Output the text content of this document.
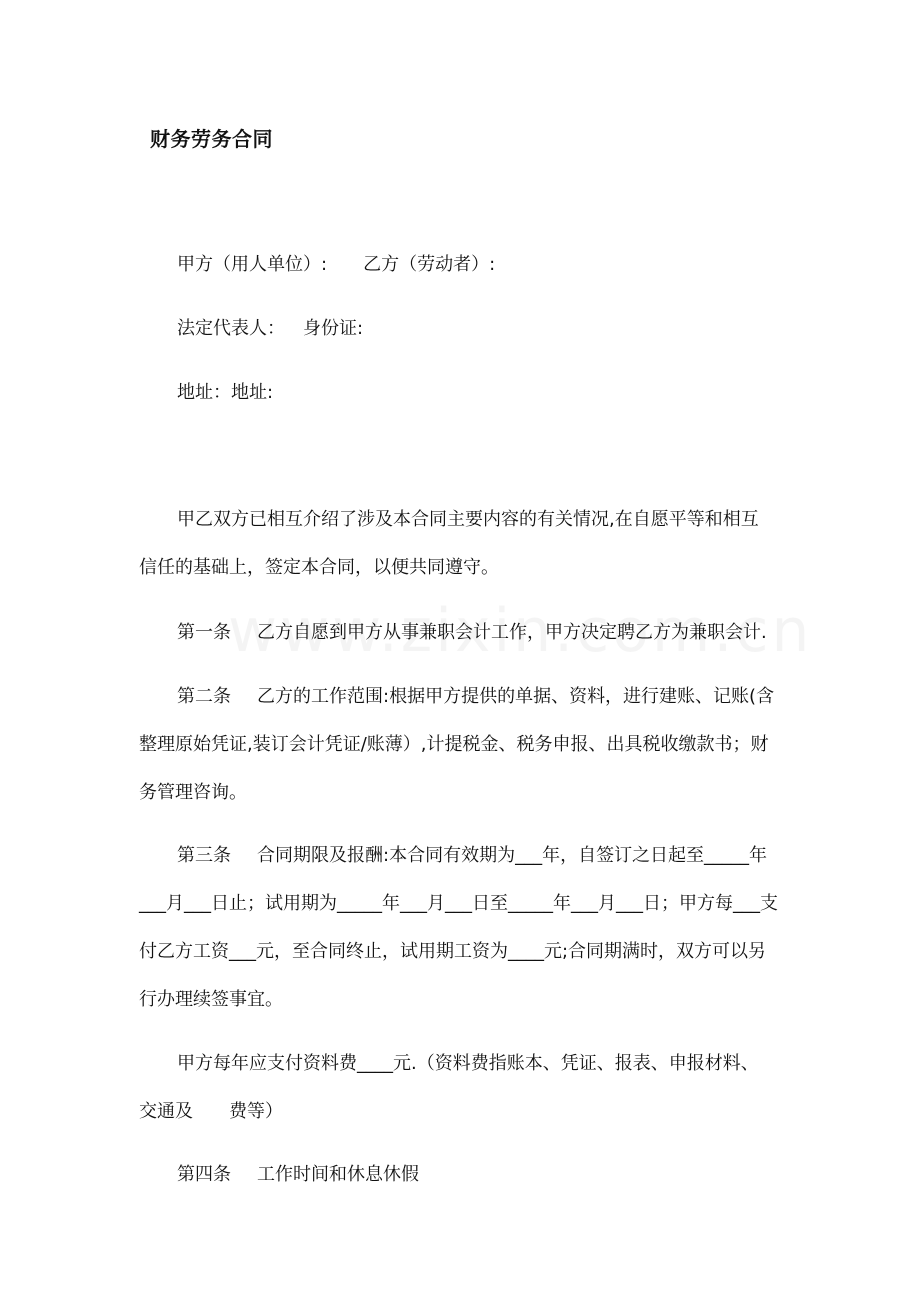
财务劳务合同
甲方（用人单位）: 乙方（劳动者）:
法定代表人： 身份证:
地址：地址:
甲乙双方已相互介绍了涉及本合同主要内容的有关情况,在自愿平等和相互
信任的基础上，签定本合同，以便共同遵守。
第一条 乙方自愿到甲方从事兼职会计工作，甲方决定聘乙方为兼职会计.
第二条 乙方的工作范围:根据甲方提供的单据、资料，进行建账、记账(含
整理原始凭证,装订会计凭证/账薄）,计提税金、税务申报、出具税收缴款书；财
务管理咨询。
第三条 合同期限及报酬:本合同有效期为___年，自签订之日起至_____年
___月___日止；试用期为_____年___月___日至_____年___月___日；甲方每___支
付乙方工资___元，至合同终止，试用期工资为____元;合同期满时，双方可以另
行办理续签事宜。
甲方每年应支付资料费____元.（资料费指账本、凭证、报表、申报材料、
交通及 费等）
第四条 工作时间和休息休假
